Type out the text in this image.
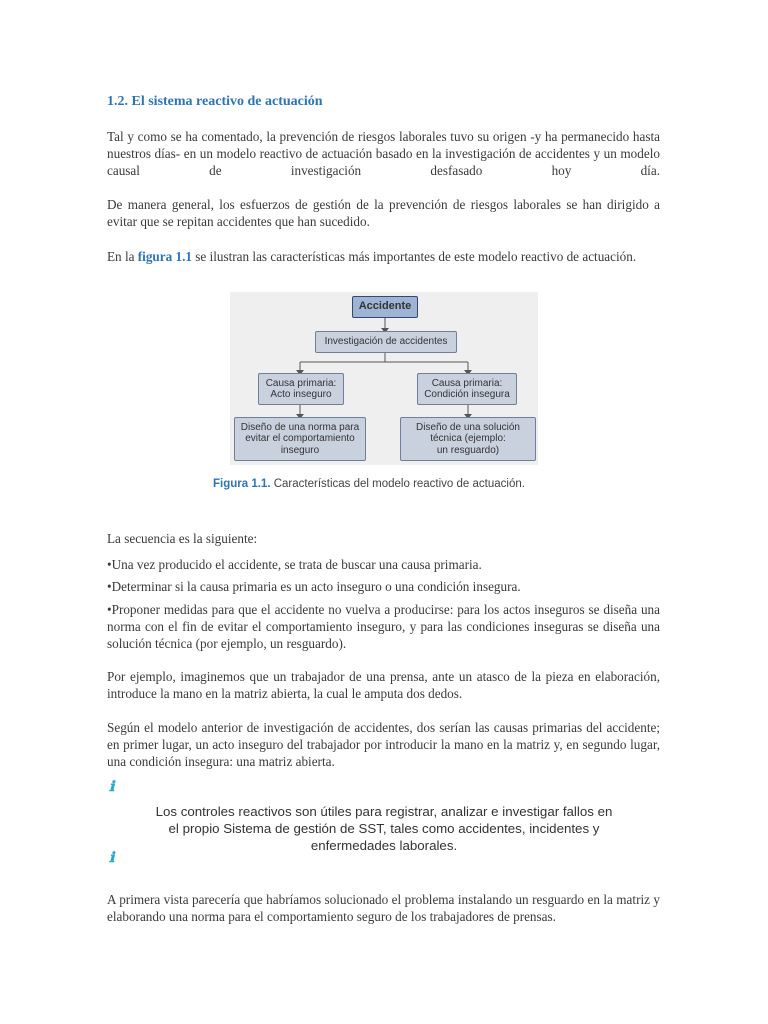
1.2. El sistema reactivo de actuación
Tal y como se ha comentado, la prevención de riesgos laborales tuvo su origen -y ha permanecido hasta nuestros días- en un modelo reactivo de actuación basado en la investigación de accidentes y un modelo causal de investigación desfasado hoy día.
De manera general, los esfuerzos de gestión de la prevención de riesgos laborales se han dirigido a evitar que se repitan accidentes que han sucedido.
En la figura 1.1 se ilustran las características más importantes de este modelo reactivo de actuación.
Accidente
Investigación de accidentes
Causa primaria:
Acto inseguro
Causa primaria:
Condición insegura
Diseño de una norma para
evitar el comportamiento
inseguro
Diseño de una solución
técnica (ejemplo:
un resguardo)
Figura 1.1. Características del modelo reactivo de actuación.
La secuencia es la siguiente:
•Una vez producido el accidente, se trata de buscar una causa primaria.
•Determinar si la causa primaria es un acto inseguro o una condición insegura.
•Proponer medidas para que el accidente no vuelva a producirse: para los actos inseguros se diseña una norma con el fin de evitar el comportamiento inseguro, y para las condiciones inseguras se diseña una solución técnica (por ejemplo, un resguardo).
Por ejemplo, imaginemos que un trabajador de una prensa, ante un atasco de la pieza en elaboración, introduce la mano en la matriz abierta, la cual le amputa dos dedos.
Según el modelo anterior de investigación de accidentes, dos serían las causas primarias del accidente; en primer lugar, un acto inseguro del trabajador por introducir la mano en la matriz y, en segundo lugar, una condición insegura: una matriz abierta.
ℹ
Los controles reactivos son útiles para registrar, analizar e investigar fallos en
el propio Sistema de gestión de SST, tales como accidentes, incidentes y
enfermedades laborales.
ℹ
A primera vista parecería que habríamos solucionado el problema instalando un resguardo en la matriz y elaborando una norma para el comportamiento seguro de los trabajadores de prensas.
